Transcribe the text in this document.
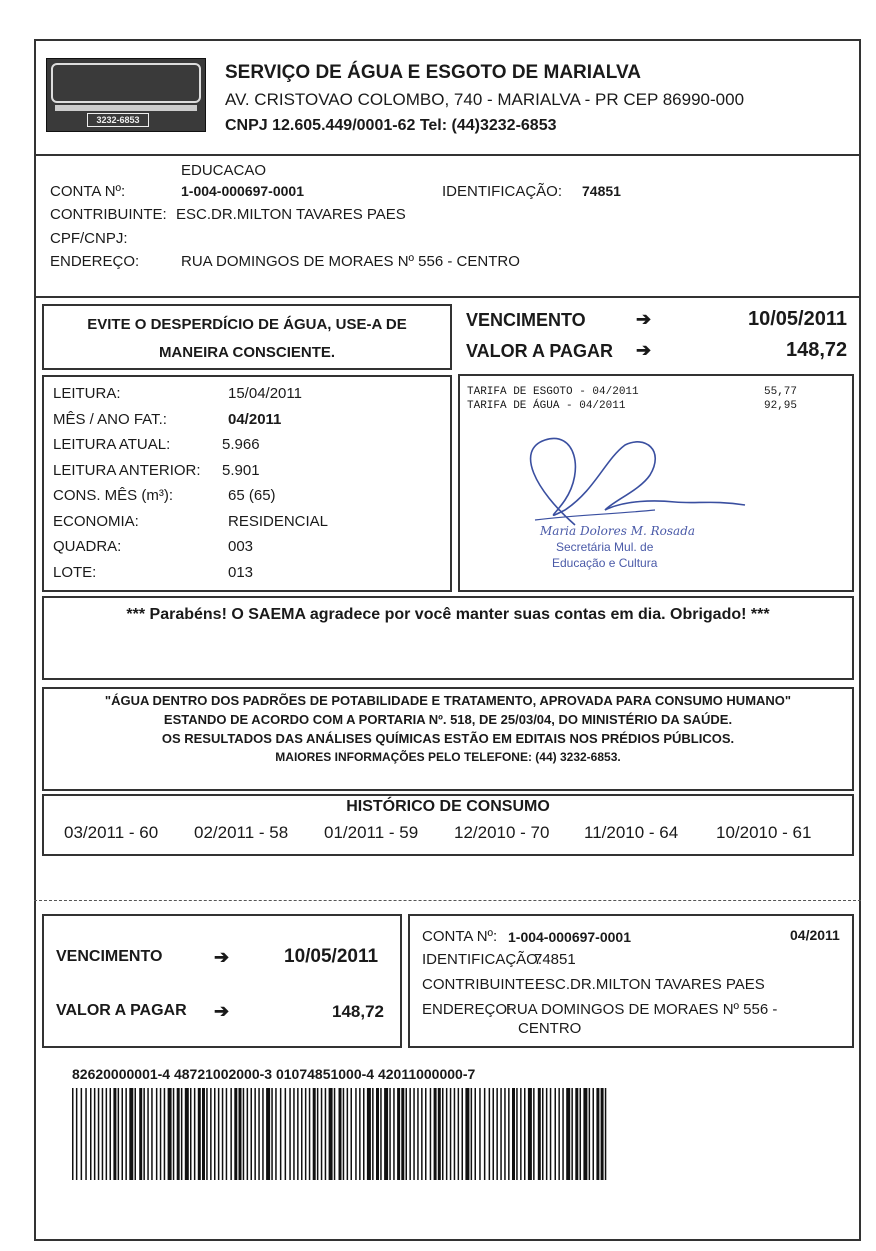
3232-6853
SERVIÇO DE ÁGUA E ESGOTO DE MARIALVA
AV. CRISTOVAO COLOMBO, 740 - MARIALVA - PR CEP 86990-000
CNPJ 12.605.449/0001-62 Tel: (44)3232-6853
EDUCACAO
CONTA Nº:	1-004-000697-0001	IDENTIFICAÇÃO: 74851
CONTRIBUINTE: ESC.DR.MILTON TAVARES PAES
CPF/CNPJ:
ENDEREÇO:	RUA DOMINGOS DE MORAES Nº 556 - CENTRO
EVITE O DESPERDÍCIO DE ÁGUA, USE-A DE
MANEIRA CONSCIENTE.
VENCIMENTO	➔	10/05/2011
VALOR A PAGAR ➔	148,72
LEITURA:	15/04/2011
MÊS / ANO FAT.:	04/2011
LEITURA ATUAL:	5.966
LEITURA ANTERIOR: 5.901
CONS. MÊS (m³):	65 (65)
ECONOMIA:	RESIDENCIAL
QUADRA:	003
LOTE:	013
TARIFA DE ESGOTO - 04/2011	55,77
TARIFA DE ÁGUA - 04/2011	92,95
Maria Dolores M. Rosada
Secretária Mul. de
Educação e Cultura
*** Parabéns! O SAEMA agradece por você manter suas contas em dia. Obrigado! ***
"ÁGUA DENTRO DOS PADRÕES DE POTABILIDADE E TRATAMENTO, APROVADA PARA CONSUMO HUMANO"
ESTANDO DE ACORDO COM A PORTARIA Nº. 518, DE 25/03/04, DO MINISTÉRIO DA SAÚDE.
OS RESULTADOS DAS ANÁLISES QUÍMICAS ESTÃO EM EDITAIS NOS PRÉDIOS PÚBLICOS.
MAIORES INFORMAÇÕES PELO TELEFONE: (44) 3232-6853.
HISTÓRICO DE CONSUMO
03/2011 - 60 02/2011 - 58 01/2011 - 59 12/2010 - 70 11/2010 - 64 10/2010 - 61
VENCIMENTO	➔	10/05/2011
VALOR A PAGAR ➔	148,72
CONTA Nº: 1-004-000697-0001	04/2011
IDENTIFICAÇÃO:
74851
CONTRIBUINTE:
ESC.DR.MILTON TAVARES PAES
ENDEREÇO:
RUA DOMINGOS DE MORAES Nº 556 -
CENTRO
82620000001-4 48721002000-3 01074851000-4 42011000000-7
